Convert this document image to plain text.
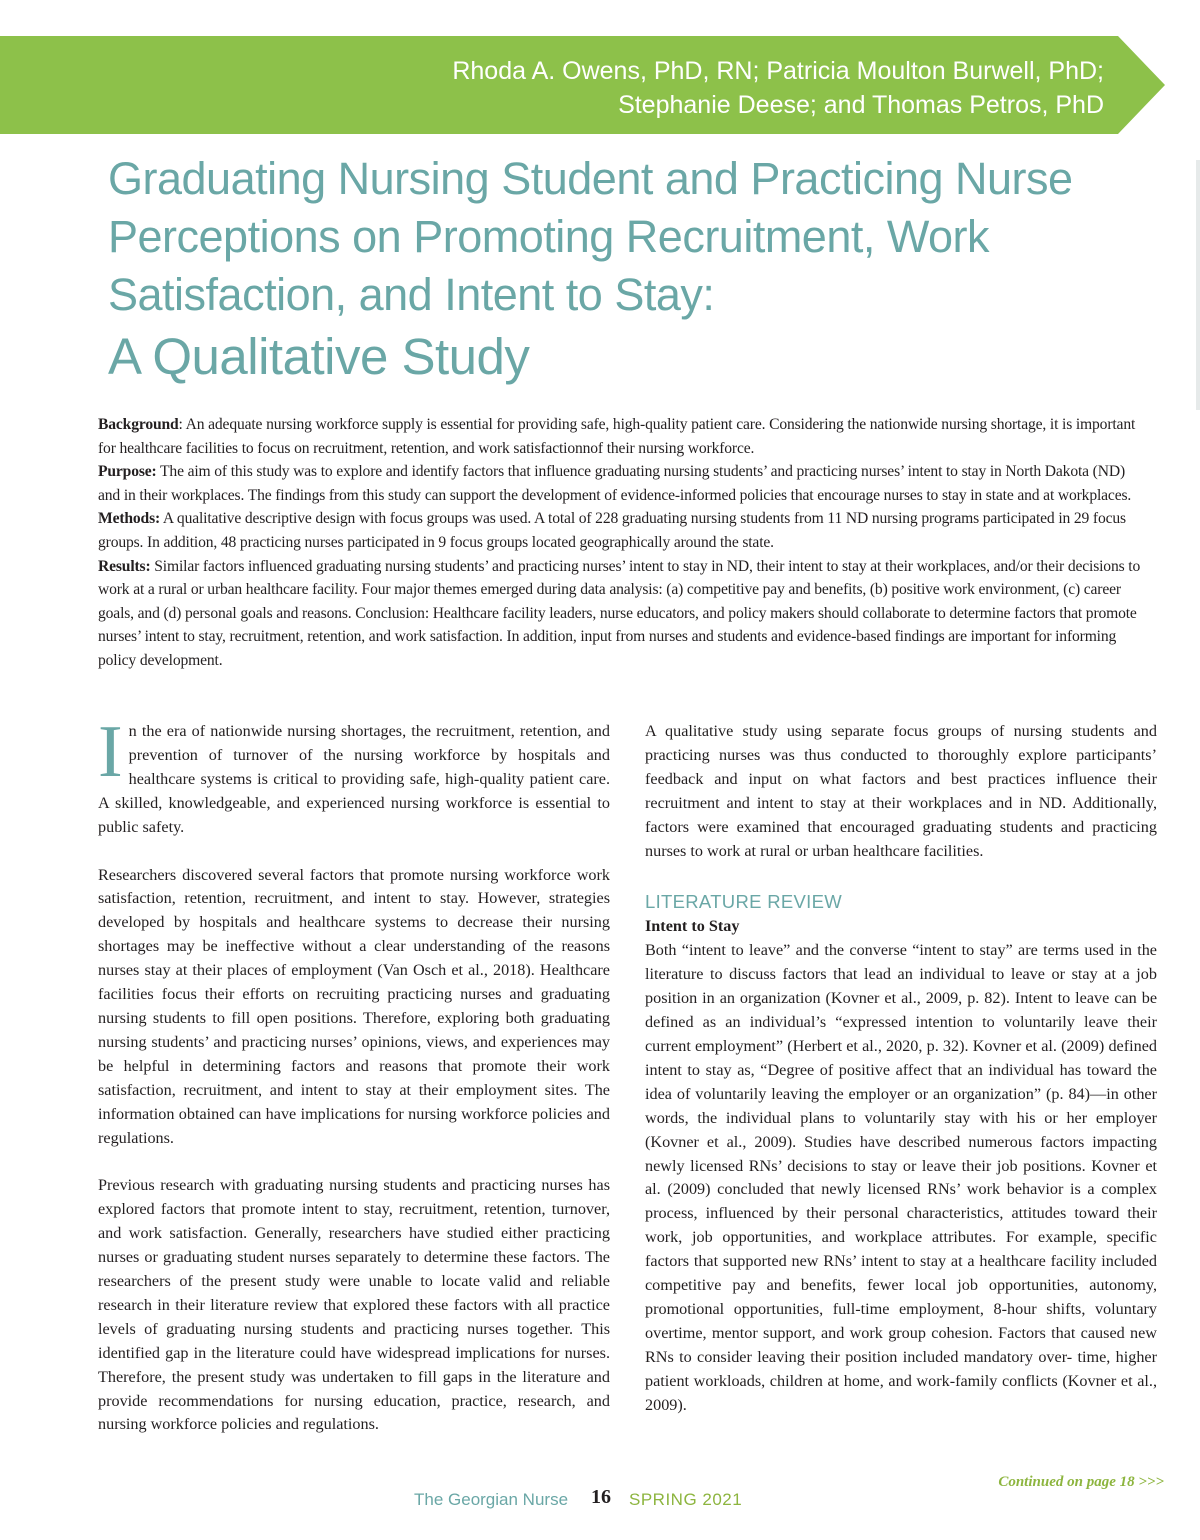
Rhoda A. Owens, PhD, RN; Patricia Moulton Burwell, PhD;
Stephanie Deese; and Thomas Petros, PhD
Graduating Nursing Student and Practicing Nurse
Perceptions on Promoting Recruitment, Work
Satisfaction, and Intent to Stay:
A Qualitative Study

Background: An adequate nursing workforce supply is essential for providing safe, high-quality patient care. Considering the nationwide nursing shortage, it is important for healthcare facilities to focus on recruitment, retention, and work satisfactionnof their nursing workforce.

Purpose: The aim of this study was to explore and identify factors that influence graduating nursing students’ and practicing nurses’ intent to stay in North Dakota (ND) and in their workplaces. The findings from this study can support the development of evidence-informed policies that encourage nurses to stay in state and at workplaces.

Methods: A qualitative descriptive design with focus groups was used. A total of 228 graduating nursing students from 11 ND nursing programs participated in 29 focus groups. In addition, 48 practicing nurses participated in 9 focus groups located geographically around the state.

Results: Similar factors influenced graduating nursing students’ and practicing nurses’ intent to stay in ND, their intent to stay at their workplaces, and/or their decisions to work at a rural or urban healthcare facility. Four major themes emerged during data analysis: (a) competitive pay and benefits, (b) positive work environment, (c) career goals, and (d) personal goals and reasons. Conclusion: Healthcare facility leaders, nurse educators, and policy makers should collaborate to determine factors that promote nurses’ intent to stay, recruitment, retention, and work satisfaction. In addition, input from nurses and students and evidence-based findings are important for informing policy development.

In the era of nationwide nursing shortages, the recruitment, retention, and prevention of turnover of the nursing workforce by hospitals and healthcare systems is critical to providing safe, high-quality patient care. A skilled, knowledgeable, and experienced nursing workforce is essential to public safety.

Researchers discovered several factors that promote nursing workforce work satisfaction, retention, recruitment, and intent to stay. However, strategies developed by hospitals and healthcare systems to decrease their nursing shortages may be ineffective without a clear understanding of the reasons nurses stay at their places of employment (Van Osch et al., 2018). Healthcare facilities focus their efforts on recruiting practicing nurses and graduating nursing students to fill open positions. Therefore, exploring both graduating nursing students’ and practicing nurses’ opinions, views, and experiences may be helpful in determining factors and reasons that promote their work satisfaction, recruitment, and intent to stay at their employment sites. The information obtained can have implications for nursing workforce policies and regulations.

Previous research with graduating nursing students and practicing nurses has explored factors that promote intent to stay, recruitment, retention, turnover, and work satisfaction. Generally, researchers have studied either practicing nurses or graduating student nurses separately to determine these factors. The researchers of the present study were unable to locate valid and reliable research in their literature review that explored these factors with all practice levels of graduating nursing students and practicing nurses together. This identified gap in the literature could have widespread implications for nurses. Therefore, the present study was undertaken to fill gaps in the literature and provide recommendations for nursing education, practice, research, and nursing workforce policies and regulations.

A qualitative study using separate focus groups of nursing students and practicing nurses was thus conducted to thoroughly explore participants’ feedback and input on what factors and best practices influence their recruitment and intent to stay at their workplaces and in ND. Additionally, factors were examined that encouraged graduating students and practicing nurses to work at rural or urban healthcare facilities.

LITERATURE REVIEW

Intent to Stay

Both “intent to leave” and the converse “intent to stay” are terms used in the literature to discuss factors that lead an individual to leave or stay at a job position in an organization (Kovner et al., 2009, p. 82). Intent to leave can be defined as an individual’s “expressed intention to voluntarily leave their current employment” (Herbert et al., 2020, p. 32). Kovner et al. (2009) defined intent to stay as, “Degree of positive affect that an individual has toward the idea of voluntarily leaving the employer or an organization” (p. 84)—in other words, the individual plans to voluntarily stay with his or her employer (Kovner et al., 2009). Studies have described numerous factors impacting newly licensed RNs’ decisions to stay or leave their job positions. Kovner et al. (2009) concluded that newly licensed RNs’ work behavior is a complex process, influenced by their personal characteristics, attitudes toward their work, job opportunities, and workplace attributes. For example, specific factors that supported new RNs’ intent to stay at a healthcare facility included competitive pay and benefits, fewer local job opportunities, autonomy, promotional opportunities, full-time employment, 8-hour shifts, voluntary overtime, mentor support, and work group cohesion. Factors that caused new RNs to consider leaving their position included mandatory over- time, higher patient workloads, children at home, and work-family conflicts (Kovner et al., 2009).

Continued on page 18 >>>
The Georgian Nurse 16 SPRING 2021
